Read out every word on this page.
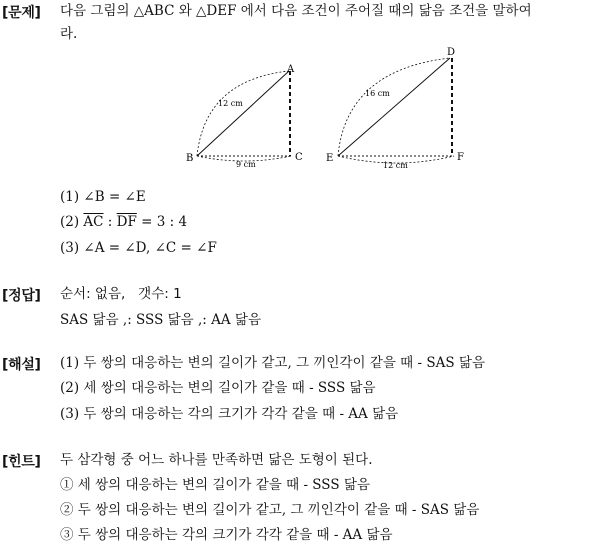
[문제] 다음 그림의 △ABC 와 △DEF 에서 다음 조건이 주어질 때의 닮음 조건을 말하여
라.
B	C
A
12 cm
9 cm
E	F
D
16 cm
12 cm
(1) ∠B = ∠E
(2) $\overline{AC}$ : $\overline{DF} = 3$ : 4
(3) ∠A = ∠D, ∠C = ∠F
[정답] 순서: 없음,   갯수: 1
SAS 닮음 ,: SSS 닮음 ,: AA 닮음
[해설] (1) 두 쌍의 대응하는 변의 길이가 같고, 그 끼인각이 같을 때 - SAS 닮음
(2) 세 쌍의 대응하는 변의 길이가 같을 때 - SSS 닮음
(3) 두 쌍의 대응하는 각의 크기가 각각 같을 때 - AA 닮음
[힌트] 두 삼각형 중 어느 하나를 만족하면 닮은 도형이 된다.
① 세 쌍의 대응하는 변의 길이가 같을 때 - SSS 닮음
② 두 쌍의 대응하는 변의 길이가 같고, 그 끼인각이 같을 때 - SAS 닮음
③ 두 쌍의 대응하는 각의 크기가 각각 같을 때 - AA 닮음
